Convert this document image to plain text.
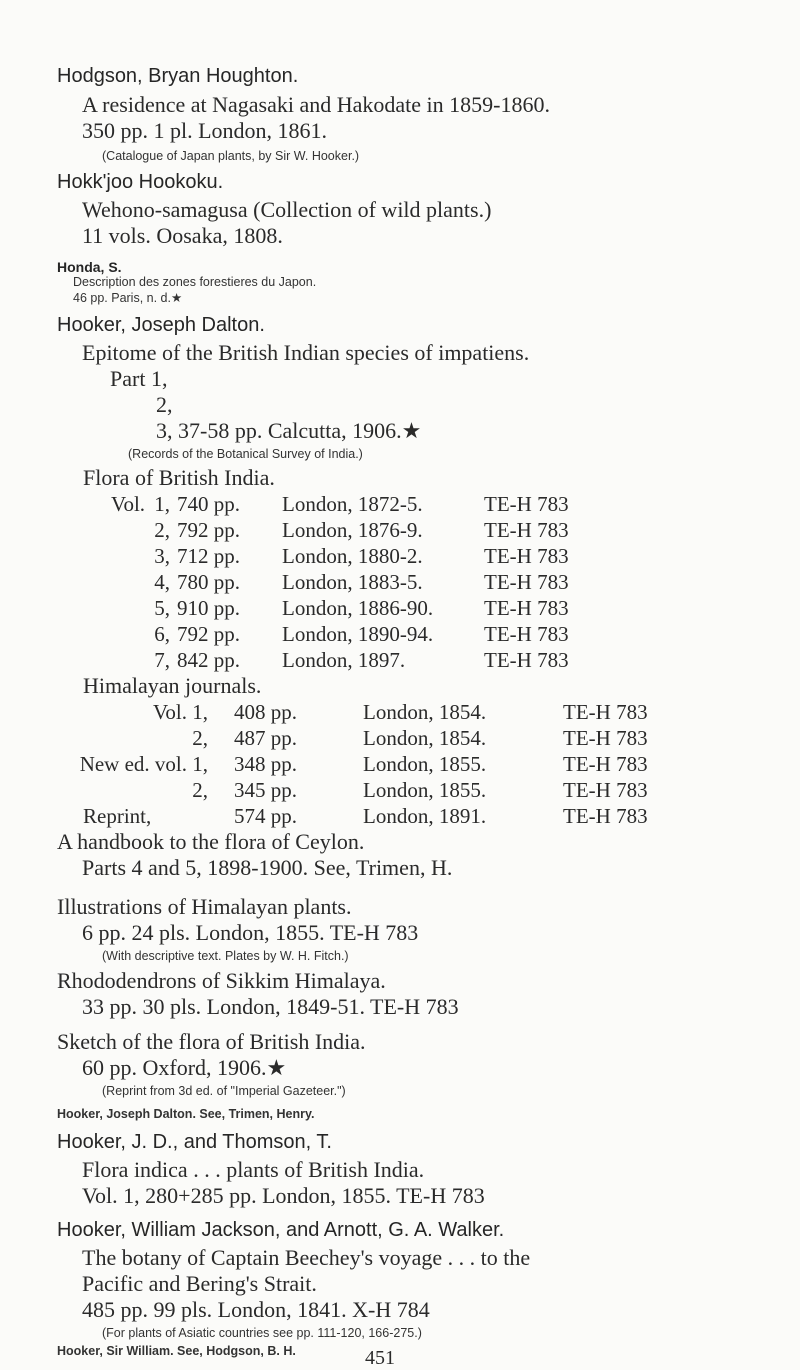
Hodgson, Bryan Houghton.
A residence at Nagasaki and Hakodate in 1859-1860.
350 pp. 1 pl. London, 1861.
(Catalogue of Japan plants, by Sir W. Hooker.)
Hokk'joo Hookoku.
Wehono-samagusa (Collection of wild plants.)
11 vols. Oosaka, 1808.
Honda, S.
Description des zones forestieres du Japon.
46 pp. Paris, n. d.★
Hooker, Joseph Dalton.
Epitome of the British Indian species of impatiens.
Part 1,
2,
3, 37-58 pp. Calcutta, 1906.★
(Records of the Botanical Survey of India.)
Flora of British India.
Vol. 1, 740 pp. London, 1872-5.	TE-H 783
2, 792 pp. London, 1876-9.	TE-H 783
3, 712 pp. London, 1880-2.	TE-H 783
4, 780 pp. London, 1883-5.	TE-H 783
5, 910 pp. London, 1886-90. TE-H 783
6, 792 pp. London, 1890-94. TE-H 783
7, 842 pp. London, 1897.	TE-H 783
Himalayan journals.
Vol. 1, 408 pp.	London, 1854.	TE-H 783
2, 487 pp.	London, 1854.	TE-H 783
New ed. vol. 1, 348 pp.	London, 1855.	TE-H 783
2, 345 pp.	London, 1855.	TE-H 783
Reprint,	574 pp.	London, 1891.	TE-H 783
A handbook to the flora of Ceylon.
Parts 4 and 5, 1898-1900. See, Trimen, H.
Illustrations of Himalayan plants.
6 pp. 24 pls. London, 1855. TE-H 783
(With descriptive text. Plates by W. H. Fitch.)
Rhododendrons of Sikkim Himalaya.
33 pp. 30 pls. London, 1849-51. TE-H 783
Sketch of the flora of British India.
60 pp. Oxford, 1906.★
(Reprint from 3d ed. of "Imperial Gazeteer.")
Hooker, Joseph Dalton. See, Trimen, Henry.
Hooker, J. D., and Thomson, T.
Flora indica . . . plants of British India.
Vol. 1, 280+285 pp. London, 1855. TE-H 783
Hooker, William Jackson, and Arnott, G. A. Walker.
The botany of Captain Beechey's voyage . . . to the
Pacific and Bering's Strait.
485 pp. 99 pls. London, 1841. X-H 784
(For plants of Asiatic countries see pp. 111-120, 166-275.)
Hooker, Sir William. See, Hodgson, B. H.	451
